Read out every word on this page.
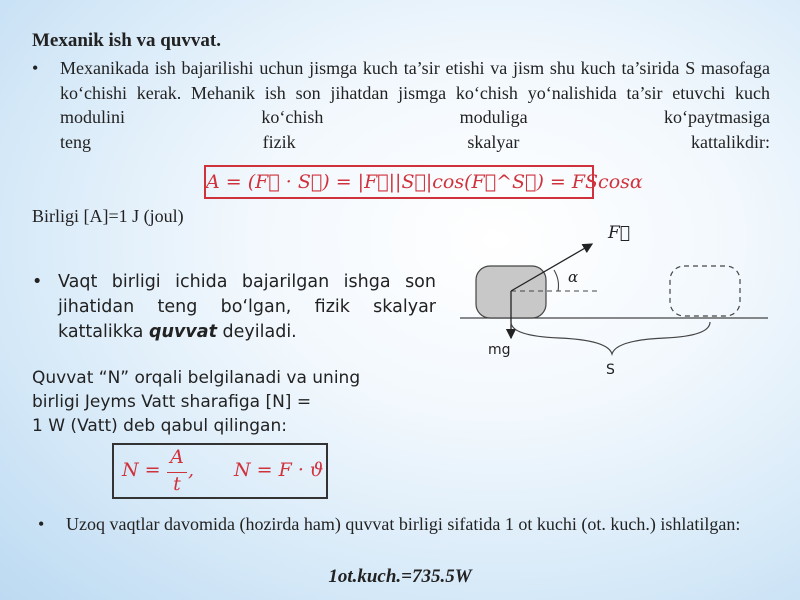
Mexanik ish va quvvat.
• Mexanikada ish bajarilishi uchun jismga kuch ta’sir etishi va jism shu kuch ta’sirida S masofaga ko‘chishi kerak. Mehanik ish son jihatdan jismga ko‘chish yo‘nalishida ta’sir etuvchi kuch modulini ko‘chish moduliga ko‘paytmasiga
teng fizik skalyar kattalikdir:
A = (F⃗ · S⃗) = |F⃗||S⃗|cos(F⃗^S⃗) = FScosα
Birligi [A]=1 J (joul)
• Vaqt birligi ichida bajarilgan ishga son jihatidan teng bo‘lgan, fizik skalyar kattalikka quvvat deyiladi.
Quvvat “N” orqali belgilanadi va uning
birligi Jeyms Vatt sharafiga [N] =
1 W (Vatt) deb qabul qilingan:
N =
A
t
, N = F · ϑ
• Uzoq vaqtlar davomida (hozirda ham) quvvat birligi sifatida 1 ot kuchi (ot. kuch.) ishlatilgan:
1ot.kuch.=735.5W
F⃗
α
mg
S
